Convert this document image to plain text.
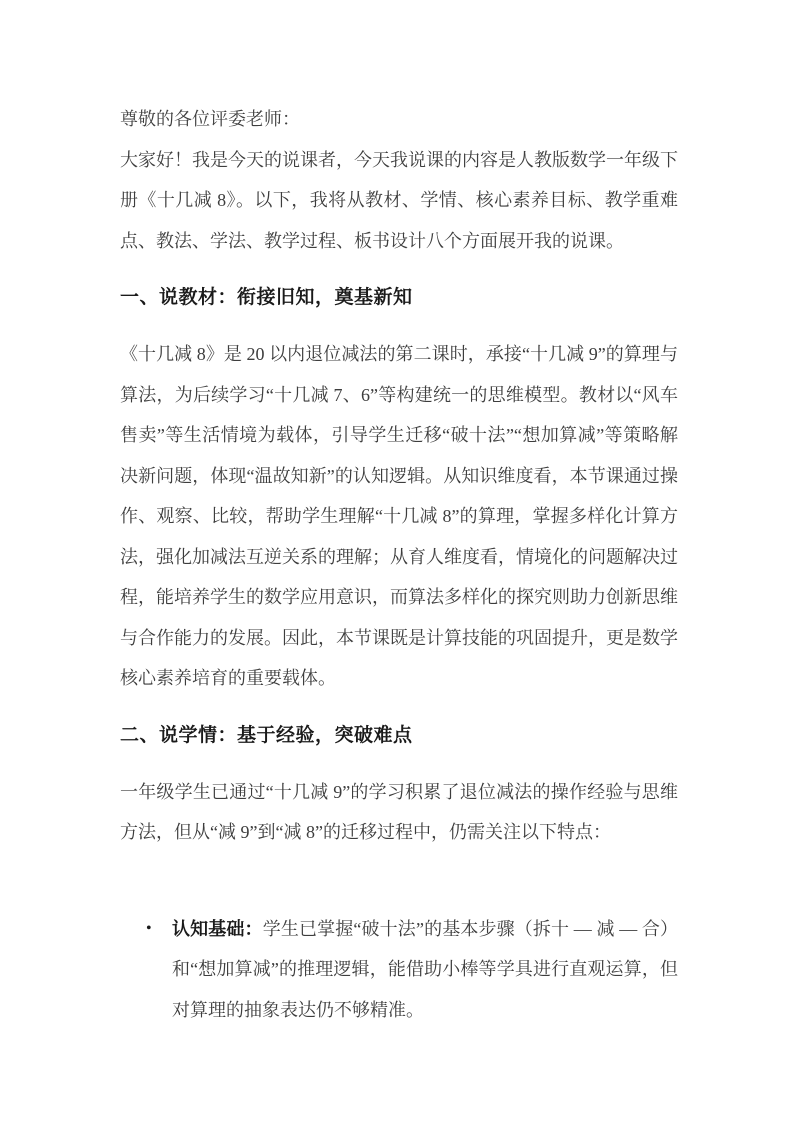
尊敬的各位评委老师：

大家好！我是今天的说课者，今天我说课的内容是人教版数学一年级下册《十几减 8》。以下，我将从教材、学情、核心素养目标、教学重难点、教法、学法、教学过程、板书设计八个方面展开我的说课。

一、说教材：衔接旧知，奠基新知

《十几减 8》是 20 以内退位减法的第二课时，承接“十几减 9”的算理与算法，为后续学习“十几减 7、6”等构建统一的思维模型。教材以“风车售卖”等生活情境为载体，引导学生迁移“破十法”“想加算减”等策略解决新问题，体现“温故知新”的认知逻辑。从知识维度看，本节课通过操作、观察、比较，帮助学生理解“十几减 8”的算理，掌握多样化计算方法，强化加减法互逆关系的理解；从育人维度看，情境化的问题解决过程，能培养学生的数学应用意识，而算法多样化的探究则助力创新思维与合作能力的发展。因此，本节课既是计算技能的巩固提升，更是数学核心素养培育的重要载体。

二、说学情：基于经验，突破难点

一年级学生已通过“十几减 9”的学习积累了退位减法的操作经验与思维方法，但从“减 9”到“减 8”的迁移过程中，仍需关注以下特点：

• 认知基础：学生已掌握“破十法”的基本步骤（拆十 — 减 — 合）和“想加算减”的推理逻辑，能借助小棒等学具进行直观运算，但对算理的抽象表达仍不够精准。
